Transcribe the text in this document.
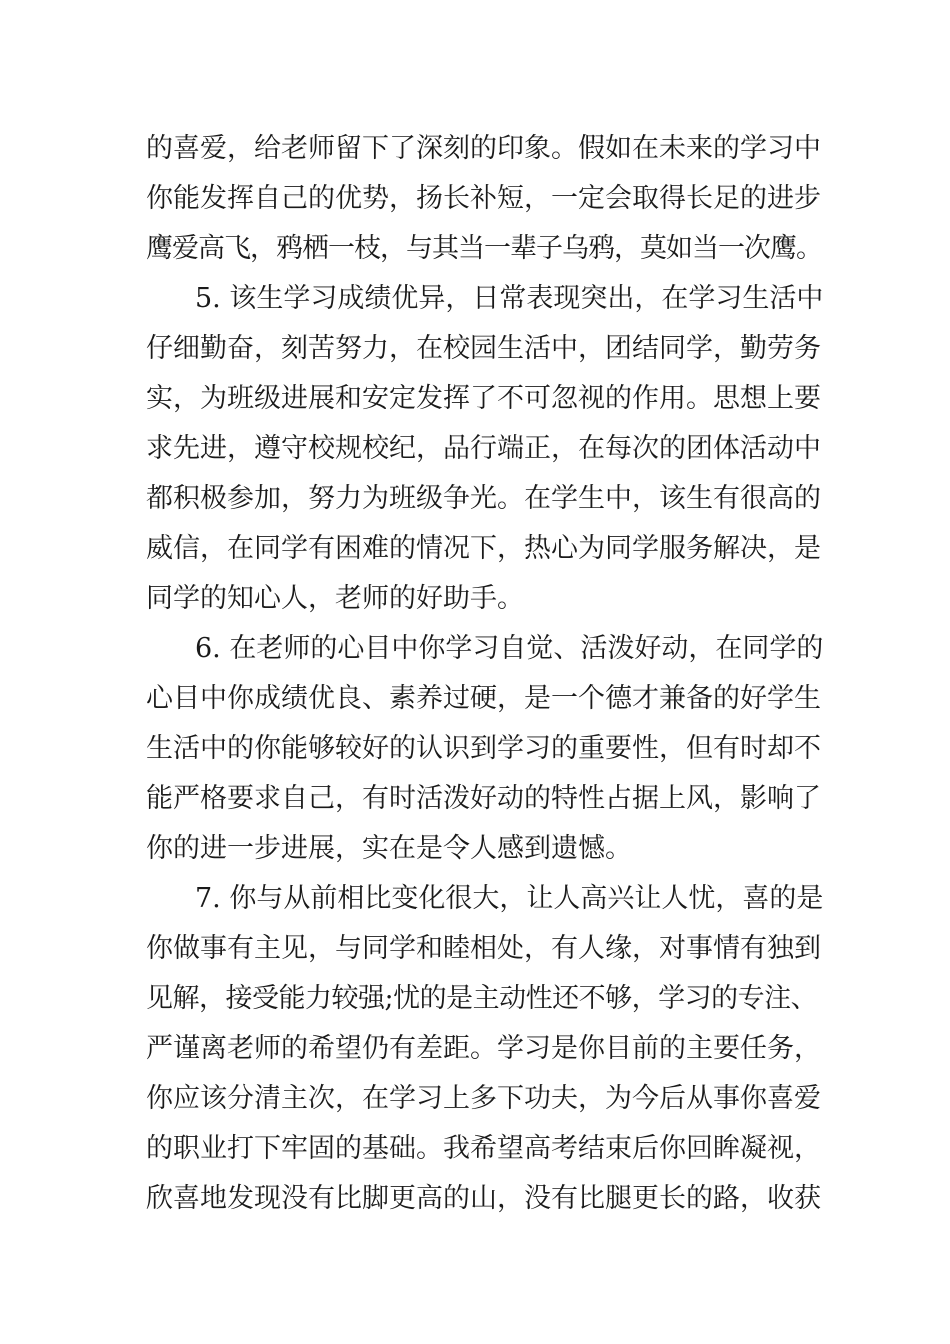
的喜爱，给老师留下了深刻的印象。假如在未来的学习中
你能发挥自己的优势，扬长补短，一定会取得长足的进步
鹰爱高飞，鸦栖一枝，与其当一辈子乌鸦，莫如当一次鹰。
5. 该生学习成绩优异，日常表现突出，在学习生活中
仔细勤奋，刻苦努力，在校园生活中，团结同学，勤劳务
实，为班级进展和安定发挥了不可忽视的作用。思想上要
求先进，遵守校规校纪，品行端正，在每次的团体活动中
都积极参加，努力为班级争光。在学生中，该生有很高的
威信，在同学有困难的情况下，热心为同学服务解决，是
同学的知心人，老师的好助手。
6. 在老师的心目中你学习自觉、活泼好动，在同学的
心目中你成绩优良、素养过硬，是一个德才兼备的好学生
生活中的你能够较好的认识到学习的重要性，但有时却不
能严格要求自己，有时活泼好动的特性占据上风，影响了
你的进一步进展，实在是令人感到遗憾。
7. 你与从前相比变化很大，让人高兴让人忧，喜的是
你做事有主见，与同学和睦相处，有人缘，对事情有独到
见解，接受能力较强;忧的是主动性还不够，学习的专注、
严谨离老师的希望仍有差距。学习是你目前的主要任务，
你应该分清主次，在学习上多下功夫，为今后从事你喜爱
的职业打下牢固的基础。我希望高考结束后你回眸凝视，
欣喜地发现没有比脚更高的山，没有比腿更长的路，收获
